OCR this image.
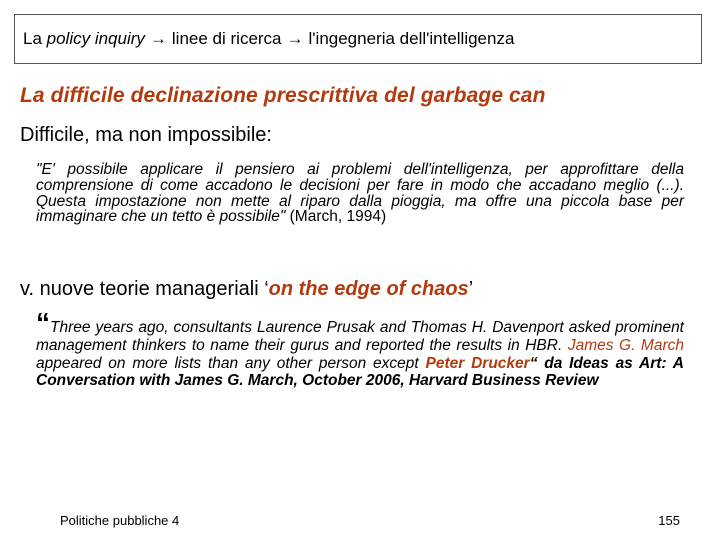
La policy inquiry → linee di ricerca → l'ingegneria dell'intelligenza
La difficile declinazione prescrittiva del garbage can
Difficile, ma non impossibile:
"E' possibile applicare il pensiero ai problemi dell'intelligenza, per approfittare della comprensione di come accadono le decisioni per fare in modo che accadano meglio (...). Questa impostazione non mette al riparo dalla pioggia, ma offre una piccola base per immaginare che un tetto è possibile" (March, 1994)
v. nuove teorie manageriali ‘on the edge of chaos’
“Three years ago, consultants Laurence Prusak and Thomas H. Davenport asked prominent management thinkers to name their gurus and reported the results in HBR. James G. March appeared on more lists than any other person except Peter Drucker“ da Ideas as Art: A Conversation with James G. March, October 2006, Harvard Business Review
Politiche pubbliche 4	155
